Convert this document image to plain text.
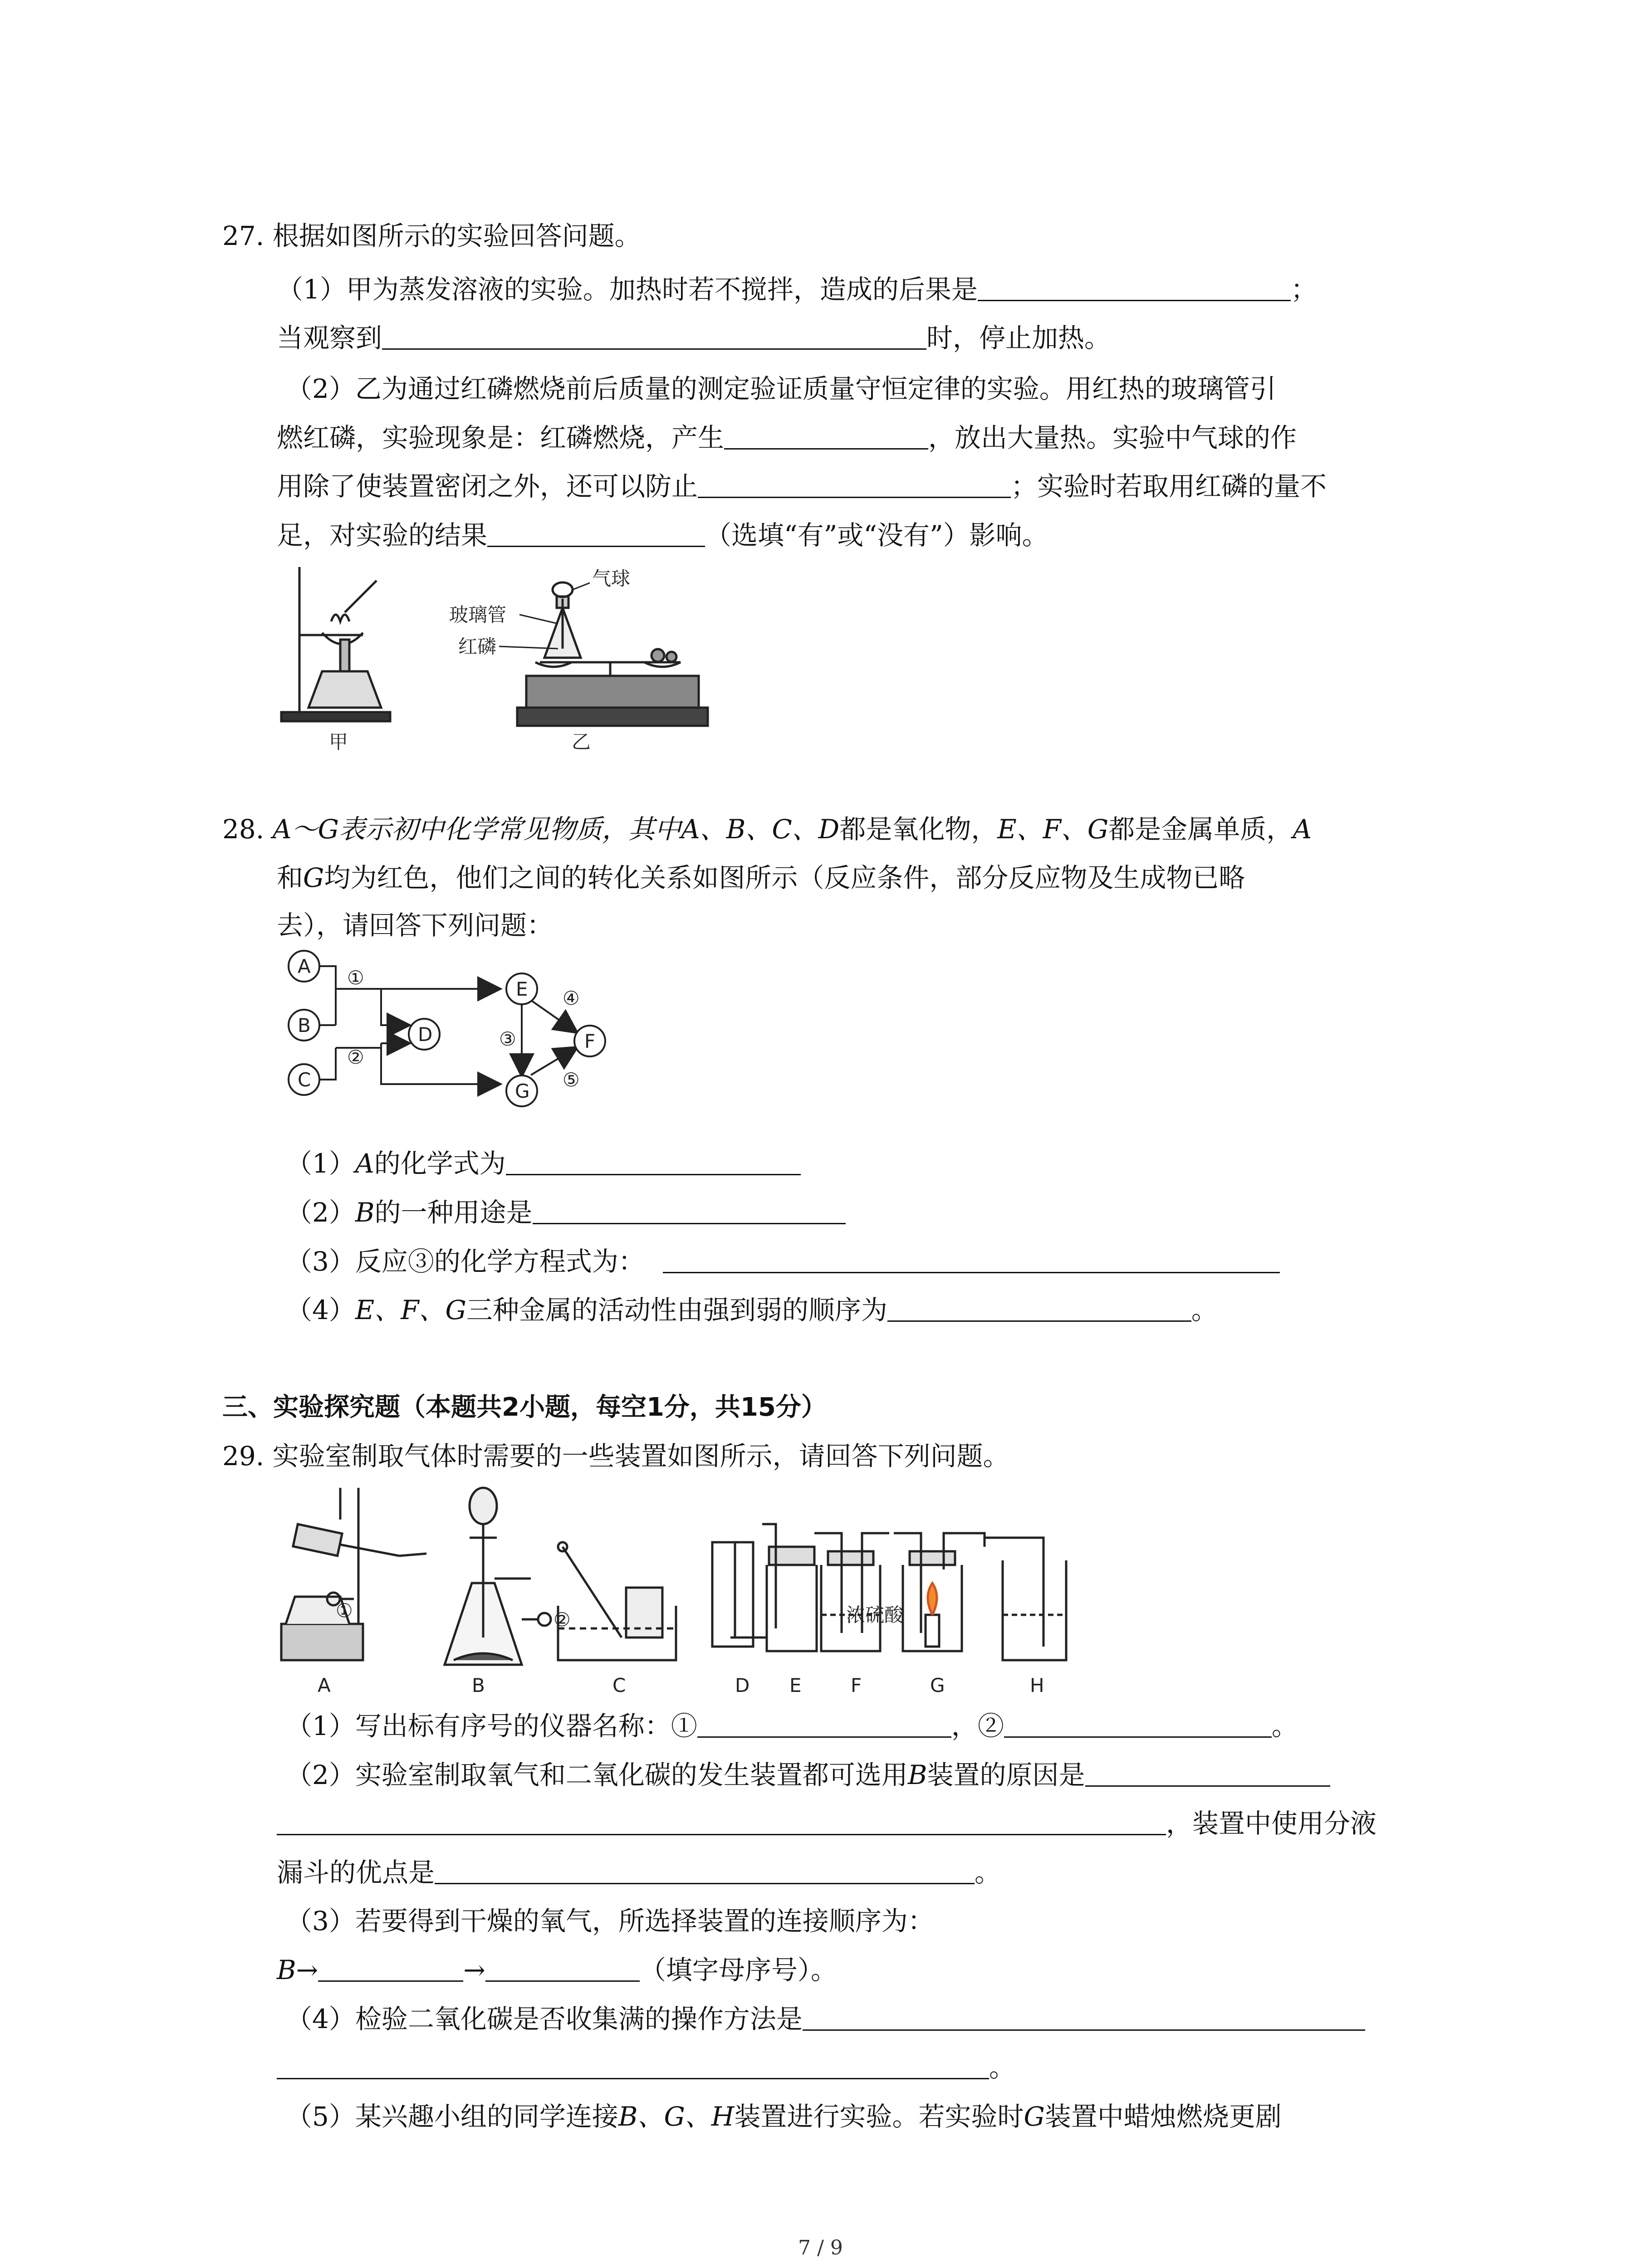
27. 根据如图所示的实验回答问题。
（1）甲为蒸发溶液的实验。加热时若不搅拌，造成的后果是	；
当观察到	时，停止加热。
（2）乙为通过红磷燃烧前后质量的测定验证质量守恒定律的实验。用红热的玻璃管引
燃红磷，实验现象是：红磷燃烧，产生	，放出大量热。实验中气球的作
用除了使装置密闭之外，还可以防止	；实验时若取用红磷的量不
足，对实验的结果	（选填“有”或“没有”）影响。
甲
气球
玻璃管
红磷
乙
28. A～G表示初中化学常见物质，其中A、B、C、D都是氧化物，E、F、G都是金属单质，A
和G均为红色，他们之间的转化关系如图所示（反应条件，部分反应物及生成物已略
去），请回答下列问题：
A
B
C
D
E
F
G
①
②
③
④
⑤
（1）A的化学式为
（2）B的一种用途是
（3）反应③的化学方程式为：
（4）E、F、G三种金属的活动性由强到弱的顺序为	。
三、实验探究题（本题共2小题，每空1分，共15分）
29. 实验室制取气体时需要的一些装置如图所示，请回答下列问题。
①	②	浓硫酸
A	B	C	D E	F	G	H
（1）写出标有序号的仪器名称：①	，②	。
（2）实验室制取氧气和二氧化碳的发生装置都可选用B装置的原因是
，装置中使用分液
漏斗的优点是	。
（3）若要得到干燥的氧气，所选择装置的连接顺序为：
B→	→	（填字母序号）。
（4）检验二氧化碳是否收集满的操作方法是
。
（5）某兴趣小组的同学连接B、G、H装置进行实验。若实验时G装置中蜡烛燃烧更剧
7 / 9
